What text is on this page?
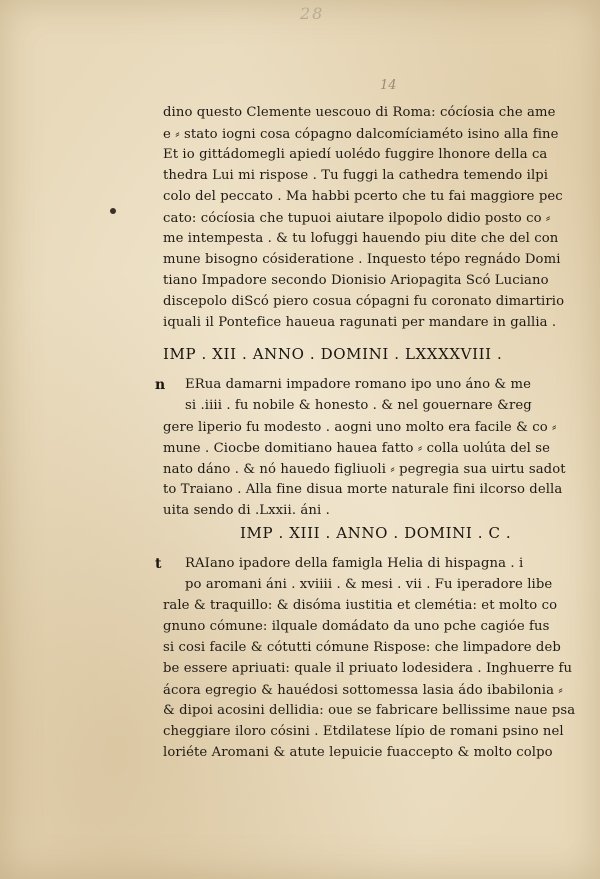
28
14
dino questo Clemente uescouo di Roma: cócíosia che ame
e ⸗ stato iogni cosa cópagno dalcomíciaméto isino alla fine
Et io gittádomegli apiedí uolédo fuggire lhonore della ca
thedra Lui mi rispose . Tu fuggi la cathedra temendo ilpi
colo del peccato . Ma habbi pcerto che tu fai maggiore pec
cato: cócíosia che tupuoi aiutare ilpopolo didio posto co ⸗
me intempesta . & tu lofuggi hauendo piu dite che del con
mune bisogno cósideratione . Inquesto tépo regnádo Domi
tiano Impadore secondo Dionisio Ariopagita Scó Luciano
discepolo diScó piero cosua cópagni fu coronato dimartirio
iquali il Pontefice haueua ragunati per mandare in gallia .
IMP . XII . ANNO . DOMINI . LXXXXVIII .
n ERua damarni impadore romano ipo uno áno & me
si .iiii . fu nobile & honesto . & nel gouernare &reg
gere liperio fu modesto . aogni uno molto era facile & co ⸗
mune . Ciocbe domitiano hauea fatto ⸗ colla uolúta del se
nato dáno . & nó hauedo figliuoli ⸗ pegregia sua uirtu sadot
to Traiano . Alla fine disua morte naturale fini ilcorso della
uita sendo di .Lxxii. áni .
IMP . XIII . ANNO . DOMINI . C .
t RAIano ipadore della famigla Helia di hispagna . i
po aromani áni . xviiii . & mesi . vii . Fu iperadore libe
rale & traquillo: & disóma iustitia et clemétia: et molto co
gnuno cómune: ilquale domádato da uno pche cagióe fus
si cosi facile & cótutti cómune Rispose: che limpadore deb
be essere apriuati: quale il priuato lodesidera . Inghuerre fu
ácora egregio & hauédosi sottomessa lasia ádo ibabilonia ⸗
& dipoi acosini dellidia: oue se fabricare bellissime naue psa
cheggiare iloro cósini . Etdilatese lípio de romani psino nel
loriéte Aromani & atute lepuicie fuaccepto & molto colpo
